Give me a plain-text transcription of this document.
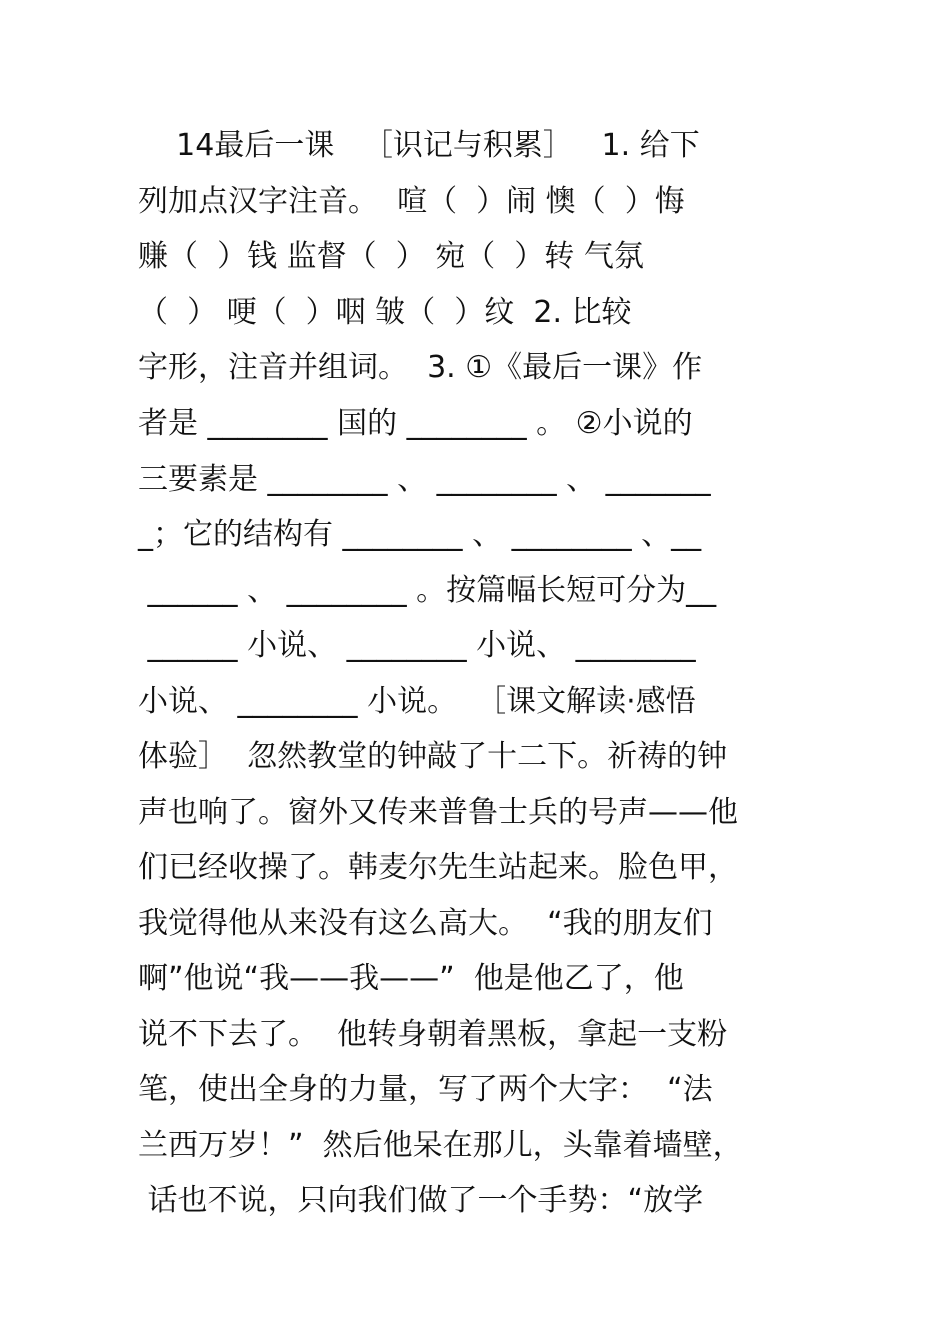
14最后一课   ［识记与积累］   1. 给下
列加点汉字注音。  喧（  ）闹 懊（  ）悔
赚（  ）钱 监督（  ） 宛（  ）转 气氛
（  ） 哽（  ）咽 皱（  ）纹  2. 比较
字形，注音并组词。  3. ①《最后一课》作
者是 ________ 国的 ________ 。 ②小说的
三要素是 ________ 、 ________ 、 _______
_；它的结构有 ________ 、 ________ 、__
______ 、 ________ 。按篇幅长短可分为__
______ 小说、 ________ 小说、 ________
小说、 ________ 小说。  ［课文解读·感悟
体验］  忽然教堂的钟敲了十二下。祈祷的钟
声也响了。窗外又传来普鲁士兵的号声——他
们已经收操了。韩麦尔先生站起来。脸色甲，
我觉得他从来没有这么高大。  “我的朋友们
啊”他说“我——我——”  他是他乙了，他
说不下去了。  他转身朝着黑板，拿起一支粉
笔，使出全身的力量，写了两个大字：  “法
兰西万岁！”  然后他呆在那儿，头靠着墙壁，
话也不说，只向我们做了一个手势：“放学
